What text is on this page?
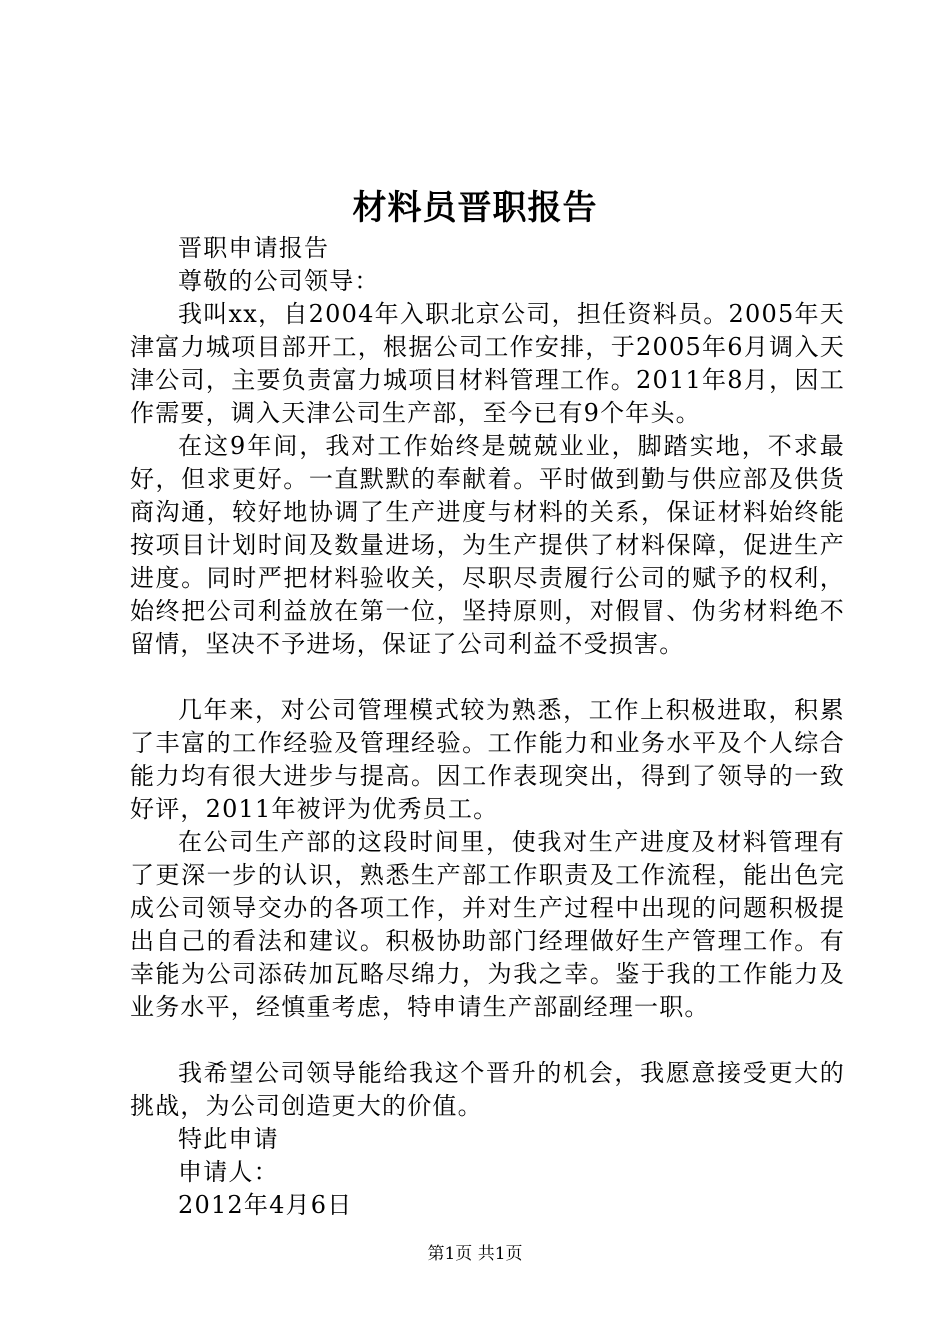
材料员晋职报告

晋职申请报告

尊敬的公司领导：

我叫xx，自2004年入职北京公司，担任资料员。2005年天津富力城项目部开工，根据公司工作安排，于2005年6月调入天津公司，主要负责富力城项目材料管理工作。2011年8月，因工作需要，调入天津公司生产部，至今已有9个年头。

在这9年间，我对工作始终是兢兢业业，脚踏实地，不求最好，但求更好。一直默默的奉献着。平时做到勤与供应部及供货商沟通，较好地协调了生产进度与材料的关系，保证材料始终能按项目计划时间及数量进场，为生产提供了材料保障，促进生产进度。同时严把材料验收关，尽职尽责履行公司的赋予的权利，始终把公司利益放在第一位，坚持原则，对假冒、伪劣材料绝不留情，坚决不予进场，保证了公司利益不受损害。

几年来，对公司管理模式较为熟悉，工作上积极进取，积累了丰富的工作经验及管理经验。工作能力和业务水平及个人综合能力均有很大进步与提高。因工作表现突出，得到了领导的一致好评，2011年被评为优秀员工。

在公司生产部的这段时间里，使我对生产进度及材料管理有了更深一步的认识，熟悉生产部工作职责及工作流程，能出色完成公司领导交办的各项工作，并对生产过程中出现的问题积极提出自己的看法和建议。积极协助部门经理做好生产管理工作。有幸能为公司添砖加瓦略尽绵力，为我之幸。鉴于我的工作能力及业务水平，经慎重考虑，特申请生产部副经理一职。

我希望公司领导能给我这个晋升的机会，我愿意接受更大的挑战，为公司创造更大的价值。

特此申请

申请人：

2012年4月6日

第1页 共1页
